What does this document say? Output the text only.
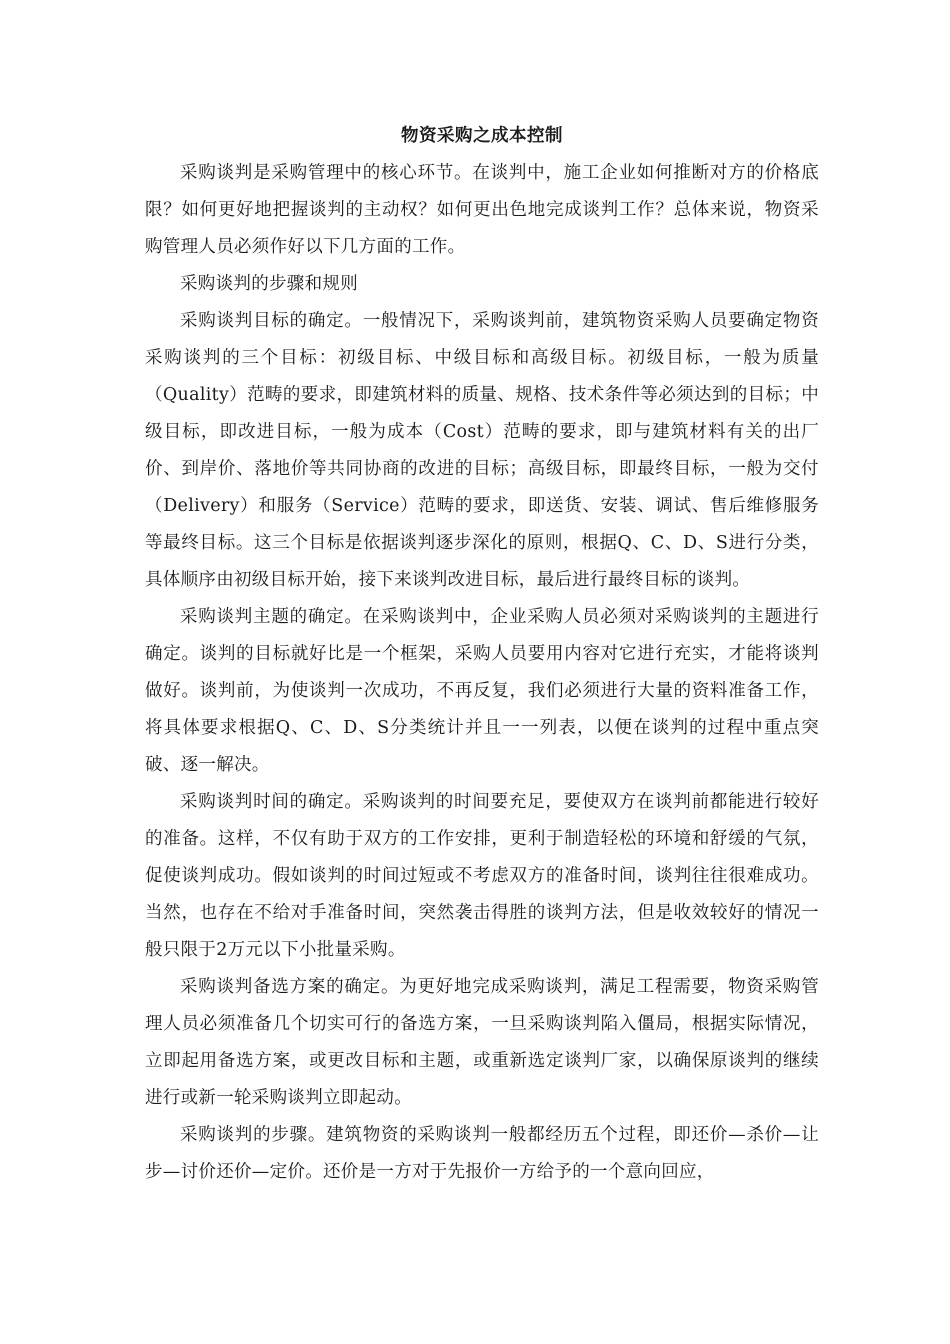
物资采购之成本控制

采购谈判是采购管理中的核心环节。在谈判中，施工企业如何推断对方的价格底限？如何更好地把握谈判的主动权？如何更出色地完成谈判工作？总体来说，物资采购管理人员必须作好以下几方面的工作。

采购谈判的步骤和规则

采购谈判目标的确定。一般情况下，采购谈判前，建筑物资采购人员要确定物资采购谈判的三个目标：初级目标、中级目标和高级目标。初级目标，一般为质量（Quality）范畴的要求，即建筑材料的质量、规格、技术条件等必须达到的目标；中级目标，即改进目标，一般为成本（Cost）范畴的要求，即与建筑材料有关的出厂价、到岸价、落地价等共同协商的改进的目标；高级目标，即最终目标，一般为交付（Delivery）和服务（Service）范畴的要求，即送货、安装、调试、售后维修服务等最终目标。这三个目标是依据谈判逐步深化的原则，根据Q、C、D、S进行分类，具体顺序由初级目标开始，接下来谈判改进目标，最后进行最终目标的谈判。

采购谈判主题的确定。在采购谈判中，企业采购人员必须对采购谈判的主题进行确定。谈判的目标就好比是一个框架，采购人员要用内容对它进行充实，才能将谈判做好。谈判前，为使谈判一次成功，不再反复，我们必须进行大量的资料准备工作，将具体要求根据Q、C、D、S分类统计并且一一列表，以便在谈判的过程中重点突破、逐一解决。

采购谈判时间的确定。采购谈判的时间要充足，要使双方在谈判前都能进行较好的准备。这样，不仅有助于双方的工作安排，更利于制造轻松的环境和舒缓的气氛，促使谈判成功。假如谈判的时间过短或不考虑双方的准备时间，谈判往往很难成功。当然，也存在不给对手准备时间，突然袭击得胜的谈判方法，但是收效较好的情况一般只限于2万元以下小批量采购。

采购谈判备选方案的确定。为更好地完成采购谈判，满足工程需要，物资采购管理人员必须准备几个切实可行的备选方案，一旦采购谈判陷入僵局，根据实际情况，立即起用备选方案，或更改目标和主题，或重新选定谈判厂家，以确保原谈判的继续进行或新一轮采购谈判立即起动。

采购谈判的步骤。建筑物资的采购谈判一般都经历五个过程，即还价—杀价—让步—讨价还价—定价。还价是一方对于先报价一方给予的一个意向回应，
